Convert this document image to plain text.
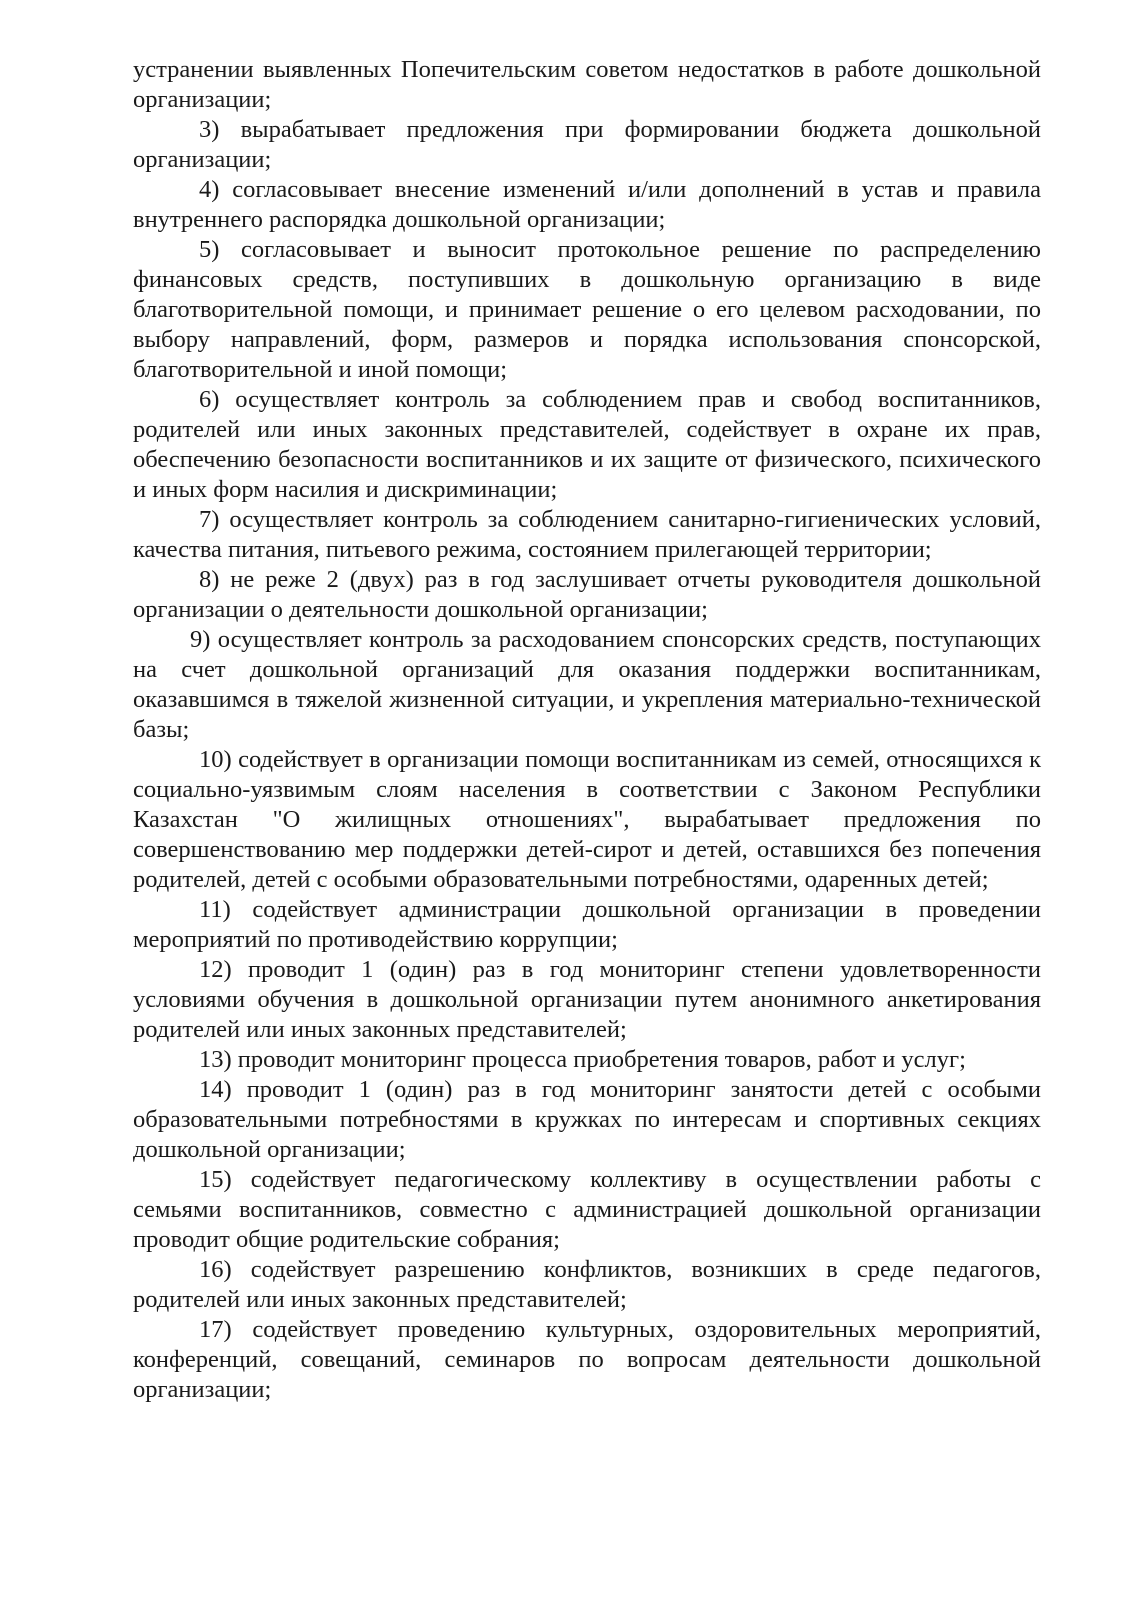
устранении выявленных Попечительским советом недостатков в работе дошкольной организации;

3) вырабатывает предложения при формировании бюджета дошкольной организации;

4) согласовывает внесение изменений и/или дополнений в устав и правила внутреннего распорядка дошкольной организации;

5) согласовывает и выносит протокольное решение по распределению финансовых средств, поступивших в дошкольную организацию в виде благотворительной помощи, и принимает решение о его целевом расходовании, по выбору направлений, форм, размеров и порядка использования спонсорской, благотворительной и иной помощи;

6) осуществляет контроль за соблюдением прав и свобод воспитанников, родителей или иных законных представителей, содействует в охране их прав, обеспечению безопасности воспитанников и их защите от физического, психического и иных форм насилия и дискриминации;

7) осуществляет контроль за соблюдением санитарно-гигиенических условий, качества питания, питьевого режима, состоянием прилегающей территории;

8) не реже 2 (двух) раз в год заслушивает отчеты руководителя дошкольной организации о деятельности дошкольной организации;

9) осуществляет контроль за расходованием спонсорских средств, поступающих на счет дошкольной организаций для оказания поддержки воспитанникам, оказавшимся в тяжелой жизненной ситуации, и укрепления материально-технической базы;

10) содействует в организации помощи воспитанникам из семей, относящихся к социально-уязвимым слоям населения в соответствии с Законом Республики Казахстан "О жилищных отношениях", вырабатывает предложения по совершенствованию мер поддержки детей-сирот и детей, оставшихся без попечения родителей, детей с особыми образовательными потребностями, одаренных детей;

11) содействует администрации дошкольной организации в проведении мероприятий по противодействию коррупции;

12) проводит 1 (один) раз в год мониторинг степени удовлетворенности условиями обучения в дошкольной организации путем анонимного анкетирования родителей или иных законных представителей;

13) проводит мониторинг процесса приобретения товаров, работ и услуг;

14) проводит 1 (один) раз в год мониторинг занятости детей с особыми образовательными потребностями в кружках по интересам и спортивных секциях дошкольной организации;

15) содействует педагогическому коллективу в осуществлении работы с семьями воспитанников, совместно с администрацией дошкольной организации проводит общие родительские собрания;

16) содействует разрешению конфликтов, возникших в среде педагогов, родителей или иных законных представителей;

17) содействует проведению культурных, оздоровительных мероприятий, конференций, совещаний, семинаров по вопросам деятельности дошкольной организации;
